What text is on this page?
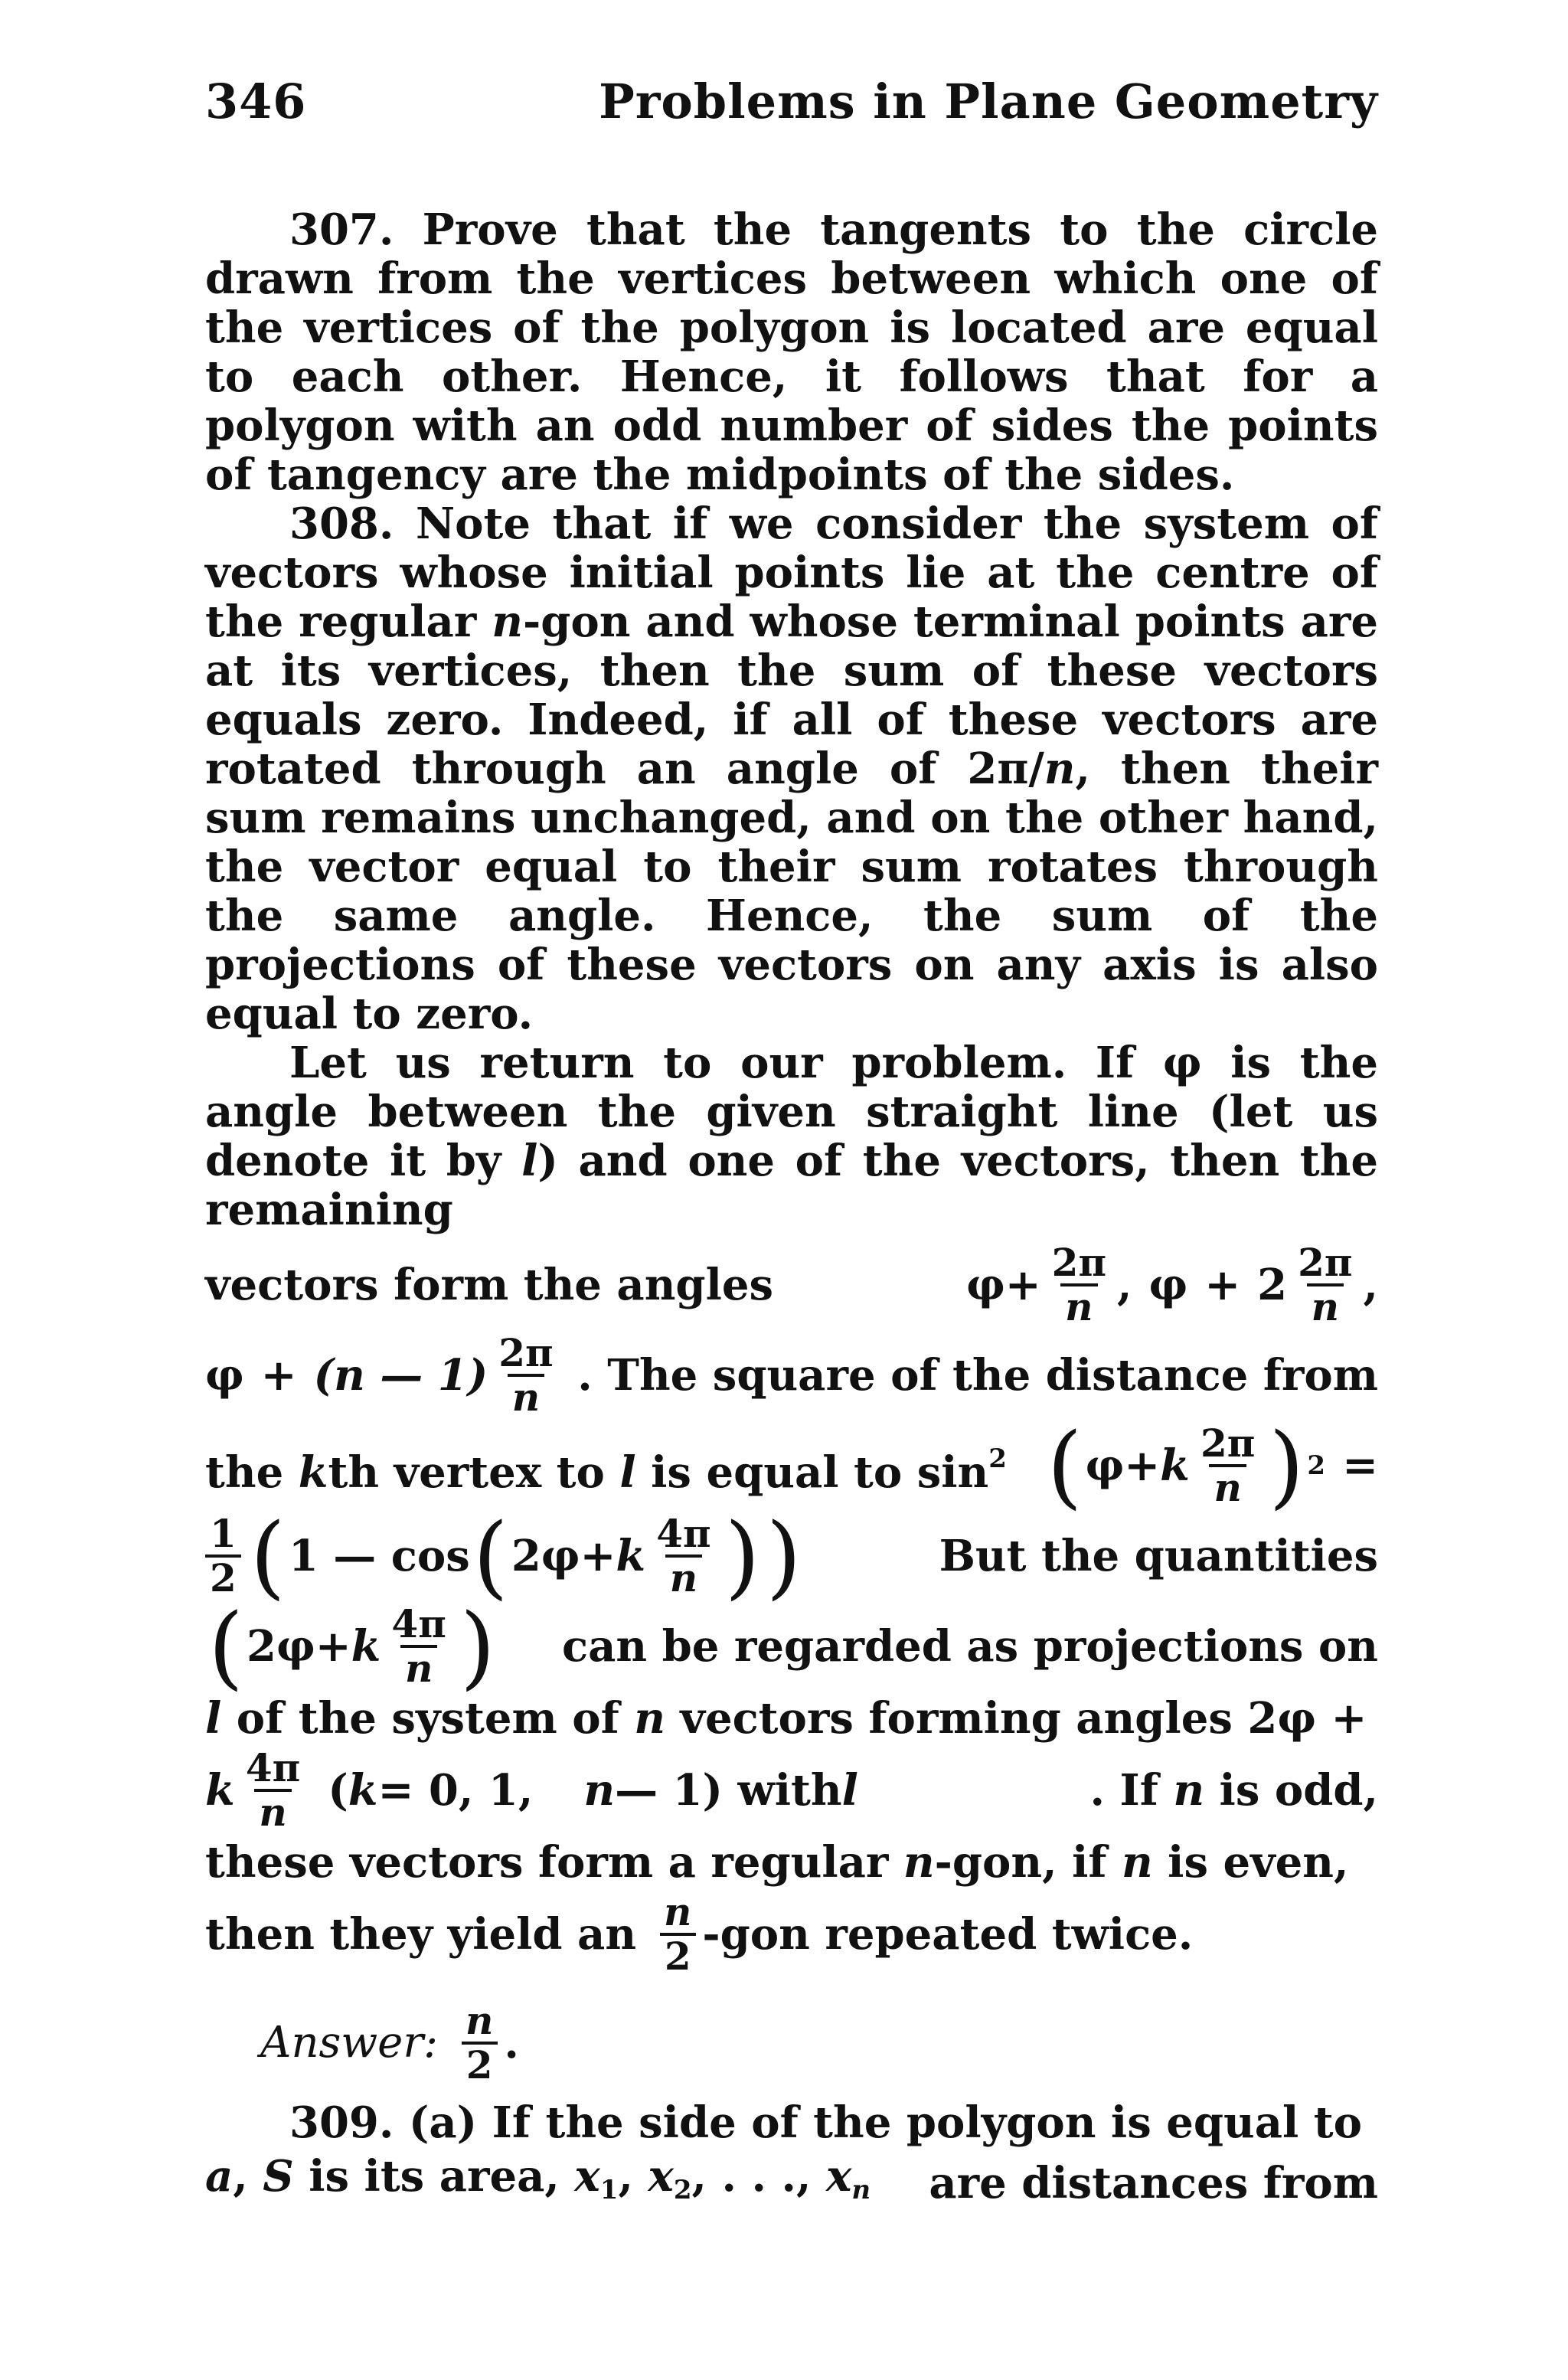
346	Problems in Plane Geometry

307. Prove that the tangents to the circle drawn from the vertices between which one of the vertices of the polygon is located are equal to each other. Hence, it follows that for a polygon with an odd number of sides the points of tangency are the midpoints of the sides.

308. Note that if we consider the system of vectors whose initial points lie at the centre of the regular n-gon and whose terminal points are at its vertices, then the sum of these vectors equals zero. Indeed, if all of these vectors are rotated through an angle of 2π/n, then their sum remains unchanged, and on the other hand, the vector equal to their sum rotates through the same angle. Hence, the sum of the projections of these vectors on any axis is also equal to zero.

Let us return to our problem. If φ is the angle between the given straight line (let us denote it by l) and one of the vectors, then the remaining

vectors form the angles	$\varphi + \frac{2\pi}{n}$ , $\varphi + 2 \frac{2\pi}{n}$ ,
φ + (n — $1) \frac{2\pi}{n}$ . The square of the distance from
the kth vertex to l is equal to $\sin^2$ ( φ + k $\frac{2\pi}{n}$ ) 2 =
$\frac{1}{2}$ ( 1 — cos ( 2φ + k $\frac{4\pi}{n}$ ) )	But the quantities
( 2φ + k $\frac{4\pi}{n}$ ) can be regarded as projections on

l of the system of n vectors forming angles 2φ +

k $\frac{4\pi}{n}$ ( k = 0, 1, n — 1) with l	. If n is odd,

these vectors form a regular n-gon, if n is even,

then they yield an $\frac{n}{2} -gon$ repeated twice.
Answer: $\frac{n}{2}$ .

309. (a) If the side of the polygon is equal to

a, S is its area, $x_1$, $x_2$, . . ., $x_n$ are distances from
